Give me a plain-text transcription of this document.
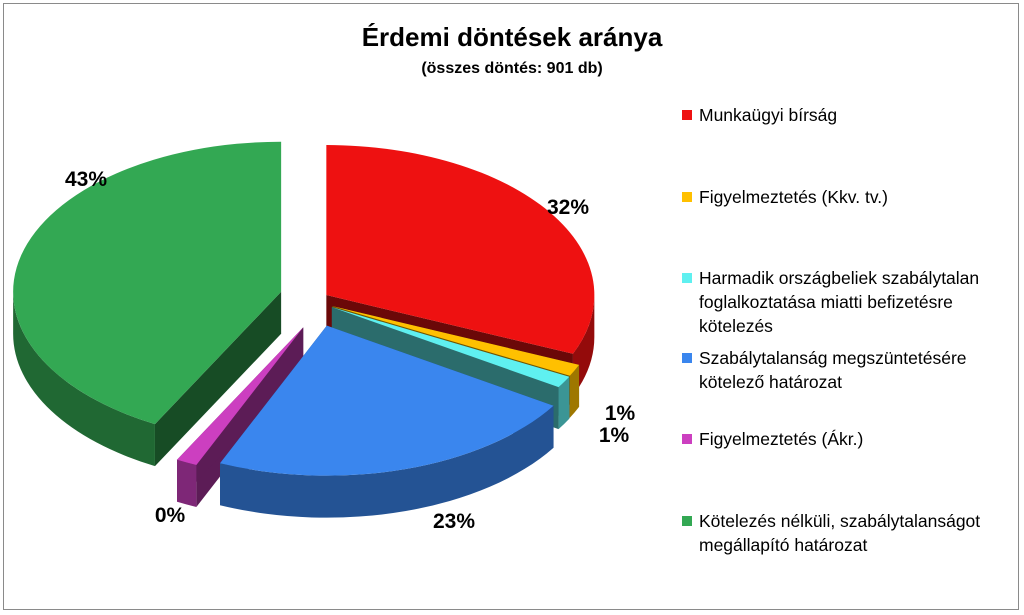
Érdemi döntések aránya
(összes döntés: 901 db)
32%
1%
1%
23%
0%
43%
Munkaügyi bírság
Figyelmeztetés (Kkv. tv.)
Harmadik országbeliek szabálytalan foglalkoztatása miatti befizetésre kötelezés
Szabálytalanság megszüntetésére kötelező határozat
Figyelmeztetés (Ákr.)
Kötelezés nélküli, szabálytalanságot megállapító határozat
